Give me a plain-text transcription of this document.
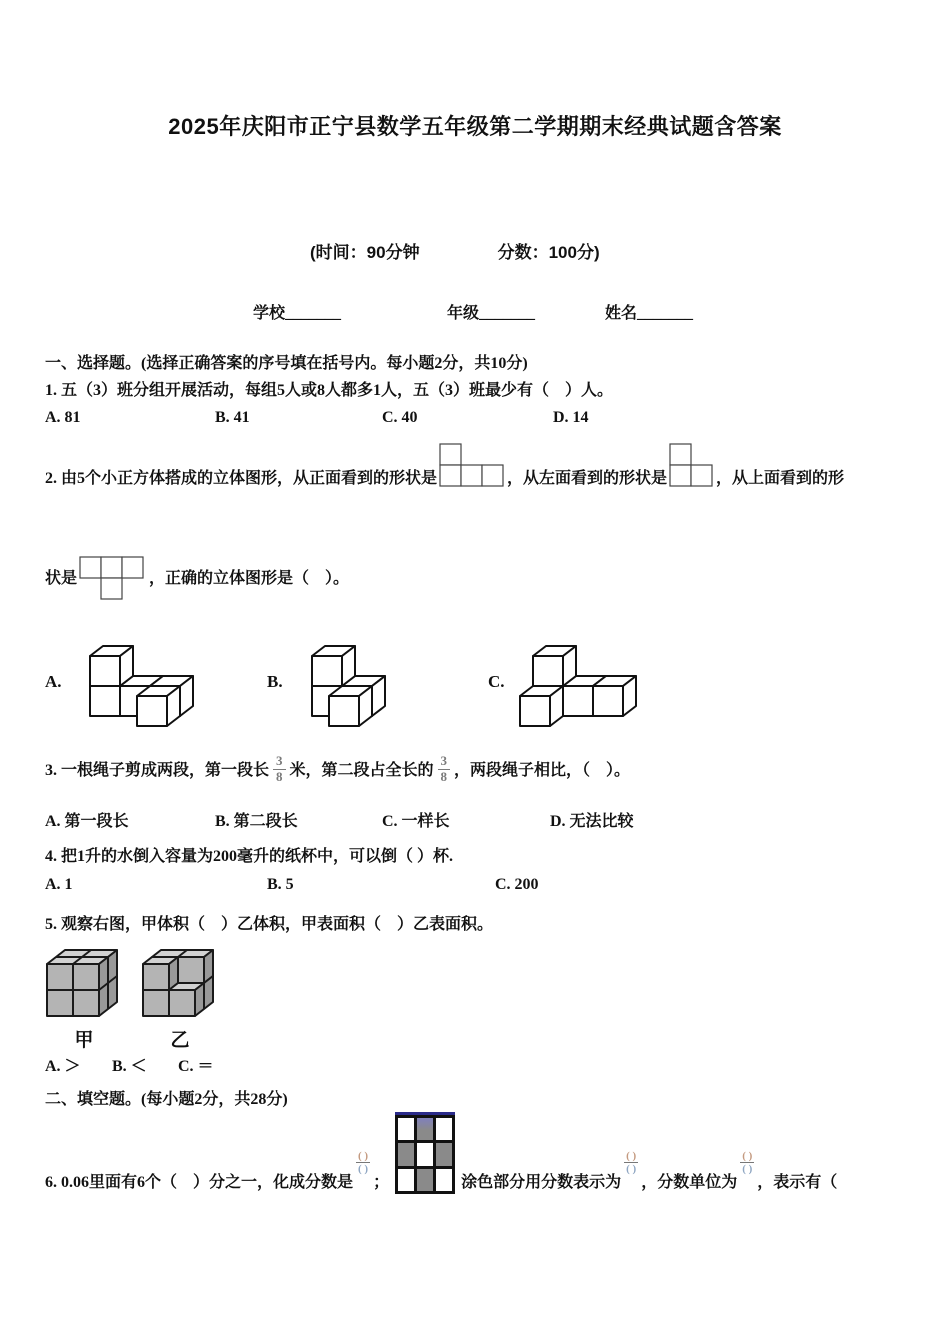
2025年庆阳市正宁县数学五年级第二学期期末经典试题含答案
(时间：90分钟	分数：100分)
学校_______	年级_______	姓名_______
一、选择题。(选择正确答案的序号填在括号内。每小题2分，共10分)
1. 五（3）班分组开展活动，每组5人或8人都多1人，五（3）班最少有（　）人。
A. 81	B. 41	C. 40	D. 14
2. 由5个小正方体搭成的立体图形，从正面看到的形状是	，从左面看到的形状是	，从上面看到的形
状是	，正确的立体图形是（　）。
A.	B.	C.
3. 一根绳子剪成两段，第一段长 $\frac{3}{8}$ 米，第二段占全长的 $\frac{3}{8}$ ，两段绳子相比，（　）。
A. 第一段长	B. 第二段长	C. 一样长	D. 无法比较
4. 把1升的水倒入容量为200毫升的纸杯中，可以倒（ ）杯.
A. 1	B. 5	C. 200
5. 观察右图，甲体积（　）乙体积，甲表面积（　）乙表面积。
甲
	乙
A. ＞ B. ＜ C. ＝
二、填空题。(每小题2分，共28分)
6. 0.06里面有6个（　）分之一，化成分数是
( )
( )
；	涂色部分用分数表示为
( )
( )
，分数单位为
( )
( )
，表示有（
